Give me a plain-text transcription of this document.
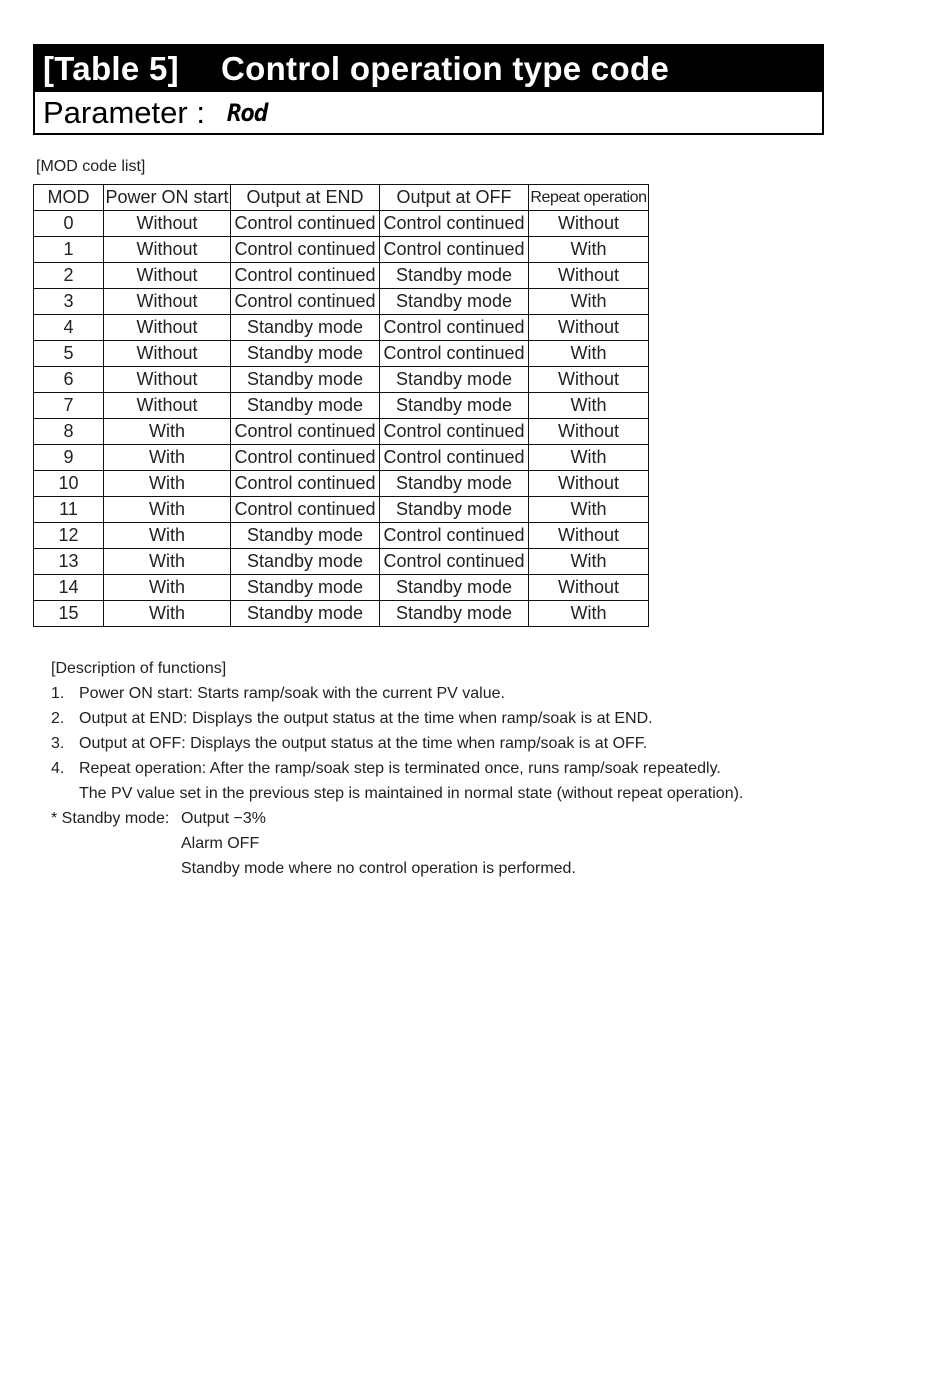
[Table 5]	Control operation type code
Parameter : Rod
[MOD code list]
MOD	Power ON start	Output at END	Output at OFF	Repeat operation
0	Without	Control continued	Control continued	Without
1	Without	Control continued	Control continued	With
2	Without	Control continued	Standby mode	Without
3	Without	Control continued	Standby mode	With
4	Without	Standby mode	Control continued	Without
5	Without	Standby mode	Control continued	With
6	Without	Standby mode	Standby mode	Without
7	Without	Standby mode	Standby mode	With
8	With	Control continued	Control continued	Without
9	With	Control continued	Control continued	With
10	With	Control continued	Standby mode	Without
11	With	Control continued	Standby mode	With
12	With	Standby mode	Control continued	Without
13	With	Standby mode	Control continued	With
14	With	Standby mode	Standby mode	Without
15	With	Standby mode	Standby mode	With
[Description of functions]
1. Power ON start: Starts ramp/soak with the current PV value.
2. Output at END: Displays the output status at the time when ramp/soak is at END.
3. Output at OFF: Displays the output status at the time when ramp/soak is at OFF.
4. Repeat operation: After the ramp/soak step is terminated once, runs ramp/soak repeatedly.
The PV value set in the previous step is maintained in normal state (without repeat operation).
* Standby mode: Output −3%
Alarm OFF
Standby mode where no control operation is performed.
